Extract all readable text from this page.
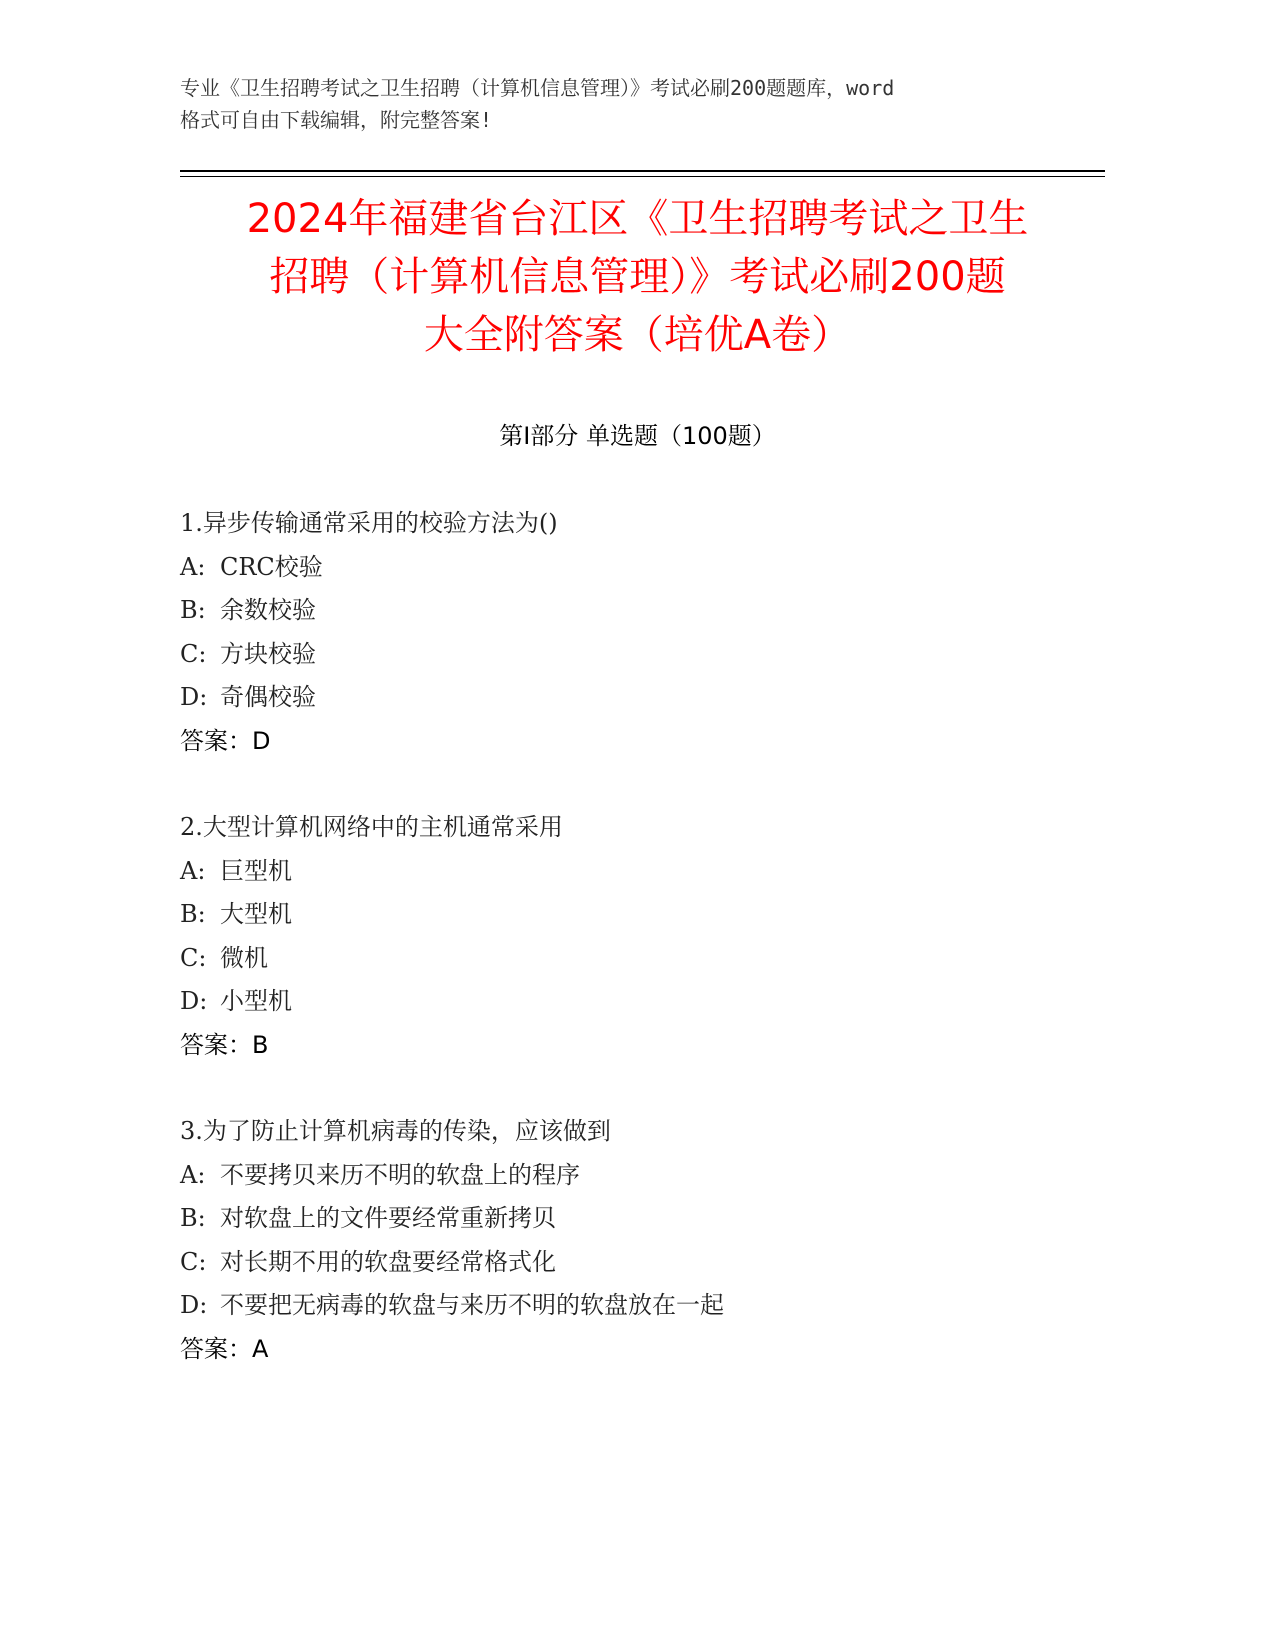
专业《卫生招聘考试之卫生招聘（计算机信息管理）》考试必刷200题题库，word
格式可自由下载编辑，附完整答案!
2024年福建省台江区《卫生招聘考试之卫生
招聘（计算机信息管理）》考试必刷200题
大全附答案（培优A卷）
第Ⅰ部分 单选题（100题）
1.异步传输通常采用的校验方法为()
A: CRC校验
B: 余数校验
C: 方块校验
D: 奇偶校验
答案：D
2.大型计算机网络中的主机通常采用
A: 巨型机
B: 大型机
C: 微机
D: 小型机
答案：B
3.为了防止计算机病毒的传染，应该做到
A: 不要拷贝来历不明的软盘上的程序
B: 对软盘上的文件要经常重新拷贝
C: 对长期不用的软盘要经常格式化
D: 不要把无病毒的软盘与来历不明的软盘放在一起
答案：A
